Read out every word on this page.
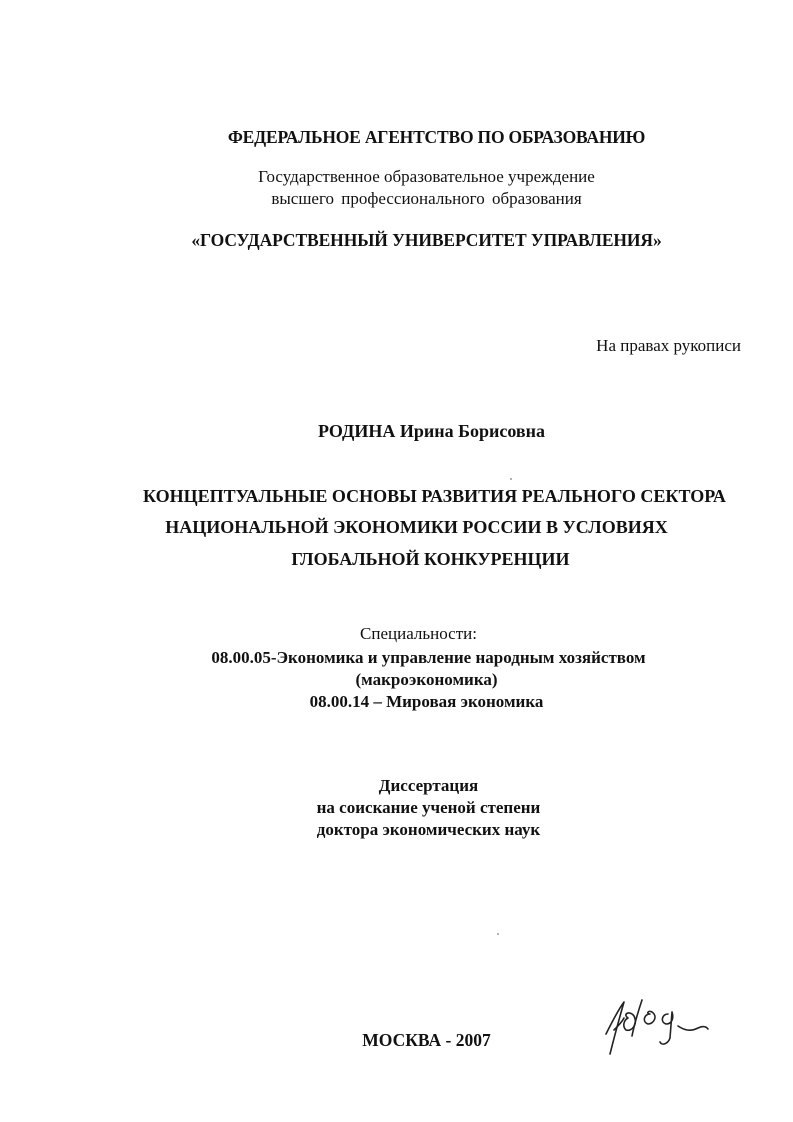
ФЕДЕРАЛЬНОЕ АГЕНТСТВО ПО ОБРАЗОВАНИЮ
Государственное образовательное учреждение
высшего профессионального образования
«ГОСУДАРСТВЕННЫЙ УНИВЕРСИТЕТ УПРАВЛЕНИЯ»
На правах рукописи
РОДИНА Ирина Борисовна
КОНЦЕПТУАЛЬНЫЕ ОСНОВЫ РАЗВИТИЯ РЕАЛЬНОГО СЕКТОРА
НАЦИОНАЛЬНОЙ ЭКОНОМИКИ РОССИИ В УСЛОВИЯХ
ГЛОБАЛЬНОЙ КОНКУРЕНЦИИ
Специальности:
08.00.05-Экономика и управление народным хозяйством
(макроэкономика)
08.00.14 – Мировая экономика
Диссертация
на соискание ученой степени
доктора экономических наук
МОСКВА - 2007
